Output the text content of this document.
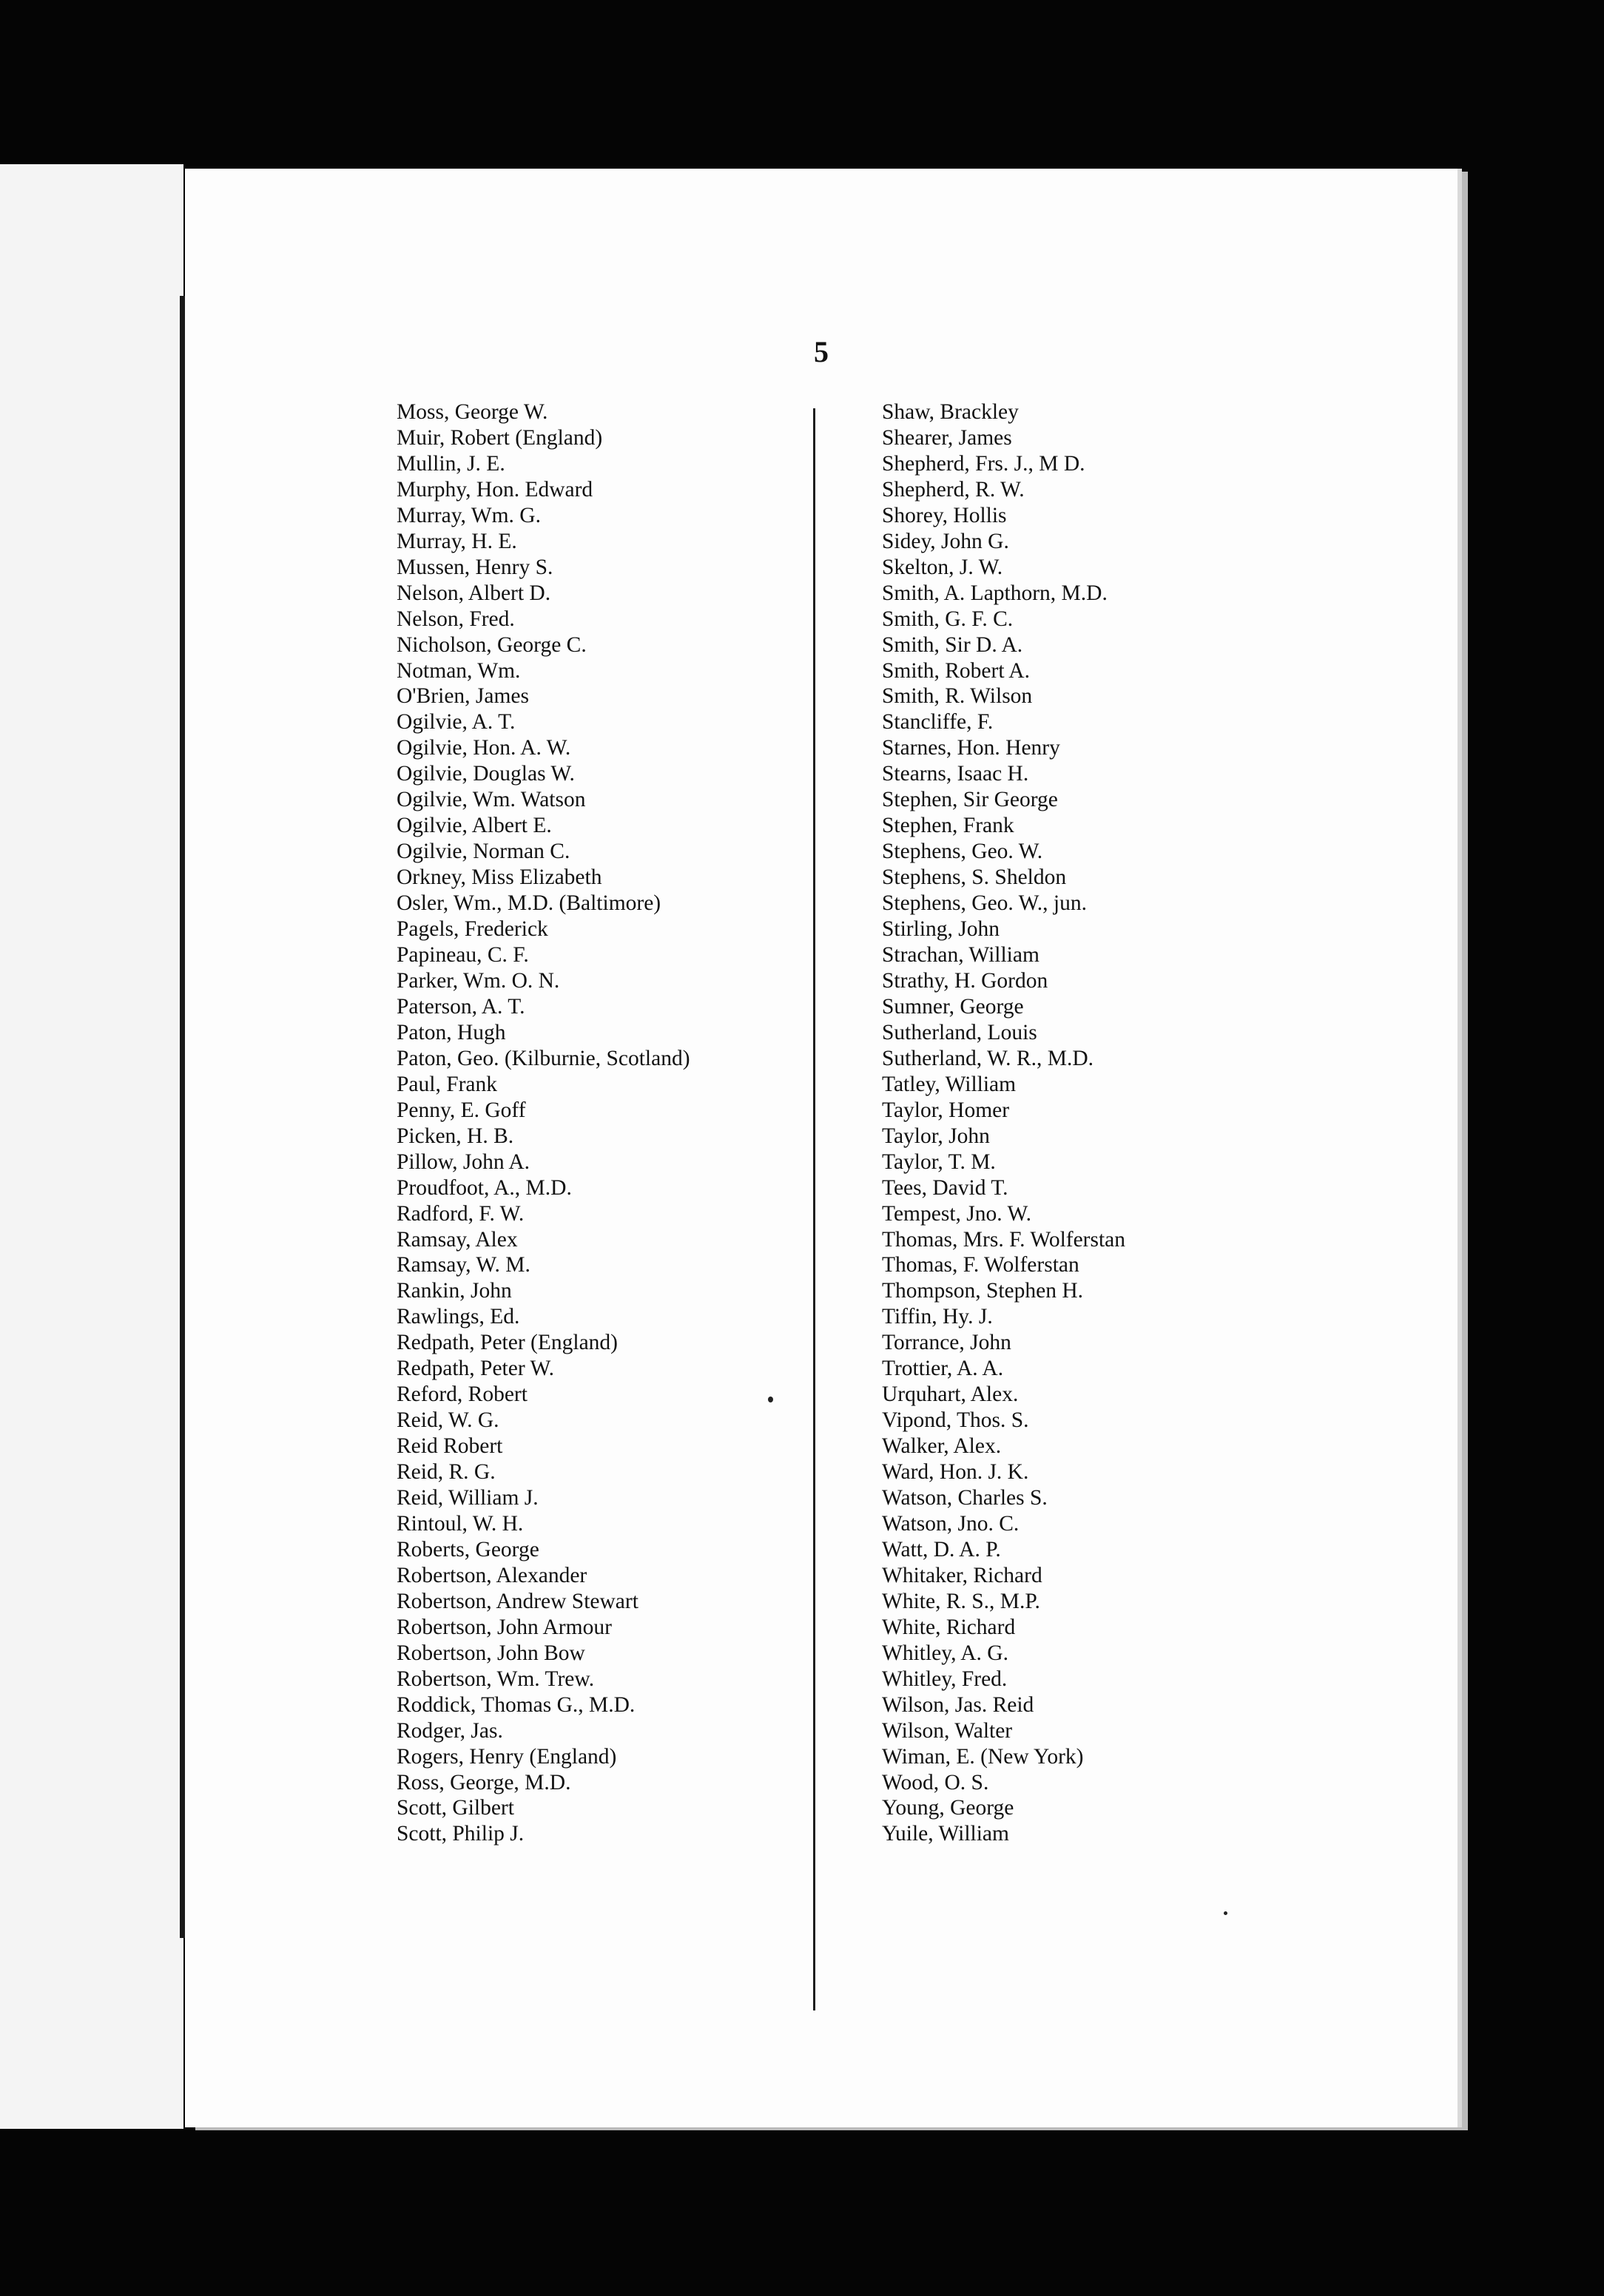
5
Moss, George W.
Muir, Robert (England)
Mullin, J. E.
Murphy, Hon. Edward
Murray, Wm. G.
Murray, H. E.
Mussen, Henry S.
Nelson, Albert D.
Nelson, Fred.
Nicholson, George C.
Notman, Wm.
O'Brien, James
Ogilvie, A. T.
Ogilvie, Hon. A. W.
Ogilvie, Douglas W.
Ogilvie, Wm. Watson
Ogilvie, Albert E.
Ogilvie, Norman C.
Orkney, Miss Elizabeth
Osler, Wm., M.D. (Baltimore)
Pagels, Frederick
Papineau, C. F.
Parker, Wm. O. N.
Paterson, A. T.
Paton, Hugh
Paton, Geo. (Kilburnie, Scotland)
Paul, Frank
Penny, E. Goff
Picken, H. B.
Pillow, John A.
Proudfoot, A., M.D.
Radford, F. W.
Ramsay, Alex
Ramsay, W. M.
Rankin, John
Rawlings, Ed.
Redpath, Peter (England)
Redpath, Peter W.
Reford, Robert
Reid, W. G.
Reid Robert
Reid, R. G.
Reid, William J.
Rintoul, W. H.
Roberts, George
Robertson, Alexander
Robertson, Andrew Stewart
Robertson, John Armour
Robertson, John Bow
Robertson, Wm. Trew.
Roddick, Thomas G., M.D.
Rodger, Jas.
Rogers, Henry (England)
Ross, George, M.D.
Scott, Gilbert
Scott, Philip J.
Shaw, Brackley
Shearer, James
Shepherd, Frs. J., M D.
Shepherd, R. W.
Shorey, Hollis
Sidey, John G.
Skelton, J. W.
Smith, A. Lapthorn, M.D.
Smith, G. F. C.
Smith, Sir D. A.
Smith, Robert A.
Smith, R. Wilson
Stancliffe, F.
Starnes, Hon. Henry
Stearns, Isaac H.
Stephen, Sir George
Stephen, Frank
Stephens, Geo. W.
Stephens, S. Sheldon
Stephens, Geo. W., jun.
Stirling, John
Strachan, William
Strathy, H. Gordon
Sumner, George
Sutherland, Louis
Sutherland, W. R., M.D.
Tatley, William
Taylor, Homer
Taylor, John
Taylor, T. M.
Tees, David T.
Tempest, Jno. W.
Thomas, Mrs. F. Wolferstan
Thomas, F. Wolferstan
Thompson, Stephen H.
Tiffin, Hy. J.
Torrance, John
Trottier, A. A.
Urquhart, Alex.
Vipond, Thos. S.
Walker, Alex.
Ward, Hon. J. K.
Watson, Charles S.
Watson, Jno. C.
Watt, D. A. P.
Whitaker, Richard
White, R. S., M.P.
White, Richard
Whitley, A. G.
Whitley, Fred.
Wilson, Jas. Reid
Wilson, Walter
Wiman, E. (New York)
Wood, O. S.
Young, George
Yuile, William
